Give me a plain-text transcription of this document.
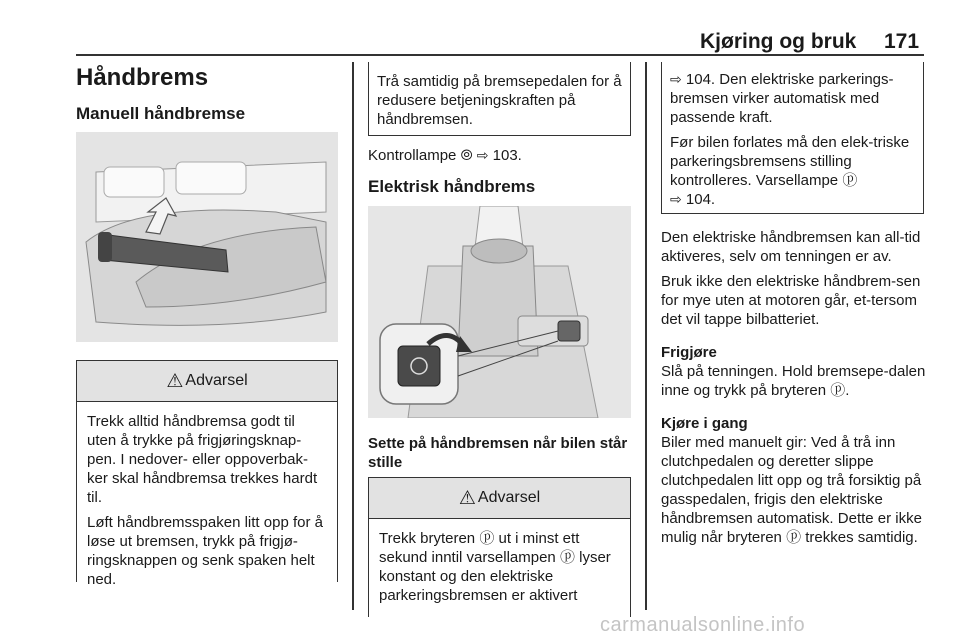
Kjøring og bruk 171
Håndbrems
Manuell håndbremse
⚠ Advarsel

Trekk alltid håndbremsa godt til uten å trykke på frigjøringsknap-pen. I nedover- eller oppoverbak-ker skal håndbremsa trekkes hardt til.

Løft håndbremsspaken litt opp for å løse ut bremsen, trykk på frigjø-ringsknappen og senk spaken helt ned.

Trå samtidig på bremsepedalen for å redusere betjeningskraften på håndbremsen.

Kontrollampe ⦾ ⇨ 103.
Elektrisk håndbrems
Sette på håndbremsen når bilen står stille
⚠ Advarsel

Trekk bryteren ⓟ ut i minst ett sekund inntil varsellampen ⓟ lyser konstant og den elektriske parkeringsbremsen er aktivert

⇨ 104. Den elektriske parkerings-bremsen virker automatisk med passende kraft.

Før bilen forlates må den elek-triske parkeringsbremsens stilling kontrolleres. Varsellampe ⓟ
⇨ 104.

Den elektriske håndbremsen kan all-tid aktiveres, selv om tenningen er av.

Bruk ikke den elektriske håndbrem-sen for mye uten at motoren går, et-tersom det vil tappe bilbatteriet.

Frigjøre

Slå på tenningen. Hold bremsepe-dalen inne og trykk på bryteren ⓟ.

Kjøre i gang

Biler med manuelt gir: Ved å trå inn clutchpedalen og deretter slippe clutchpedalen litt opp og trå forsiktig på gasspedalen, frigis den elektriske håndbremsen automatisk. Dette er ikke mulig når bryteren ⓟ trekkes samtidig.

carmanualsonline.info
